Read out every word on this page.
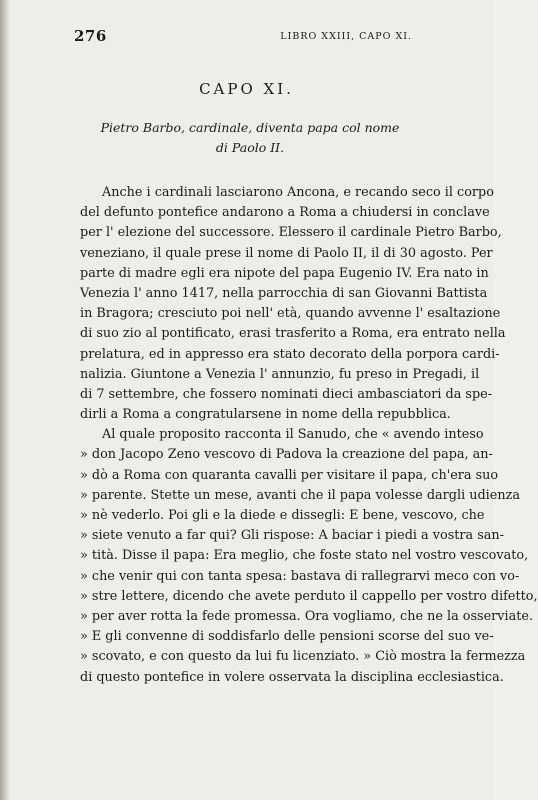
276	LIBRO XXIII, CAPO XI.
CAPO XI.
Pietro Barbo, cardinale, diventa papa col nome
di Paolo II.
Anche i cardinali lasciarono Ancona, e recando seco il corpo
del defunto pontefice andarono a Roma a chiudersi in conclave
per l' elezione del successore. Elessero il cardinale Pietro Barbo,
veneziano, il quale prese il nome di Paolo II, il di 30 agosto. Per
parte di madre egli era nipote del papa Eugenio IV. Era nato in
Venezia l' anno 1417, nella parrocchia di san Giovanni Battista
in Bragora; cresciuto poi nell' età, quando avvenne l' esaltazione
di suo zio al pontificato, erasi trasferito a Roma, era entrato nella
prelatura, ed in appresso era stato decorato della porpora cardi-
nalizia. Giuntone a Venezia l' annunzio, fu preso in Pregadi, il
di 7 settembre, che fossero nominati dieci ambasciatori da spe-
dirli a Roma a congratularsene in nome della repubblica.
Al quale proposito racconta il Sanudo, che « avendo inteso
» don Jacopo Zeno vescovo di Padova la creazione del papa, an-
» dò a Roma con quaranta cavalli per visitare il papa, ch'era suo
» parente. Stette un mese, avanti che il papa volesse dargli udienza
» nè vederlo. Poi gli e la diede e dissegli: E bene, vescovo, che
» siete venuto a far qui? Gli rispose: A baciar i piedi a vostra san-
» tità. Disse il papa: Era meglio, che foste stato nel vostro vescovato,
» che venir qui con tanta spesa: bastava di rallegrarvi meco con vo-
» stre lettere, dicendo che avete perduto il cappello per vostro difetto,
» per aver rotta la fede promessa. Ora vogliamo, che ne la osserviate.
» E gli convenne di soddisfarlo delle pensioni scorse del suo ve-
» scovato, e con questo da lui fu licenziato. » Ciò mostra la fermezza
di questo pontefice in volere osservata la disciplina ecclesiastica.
